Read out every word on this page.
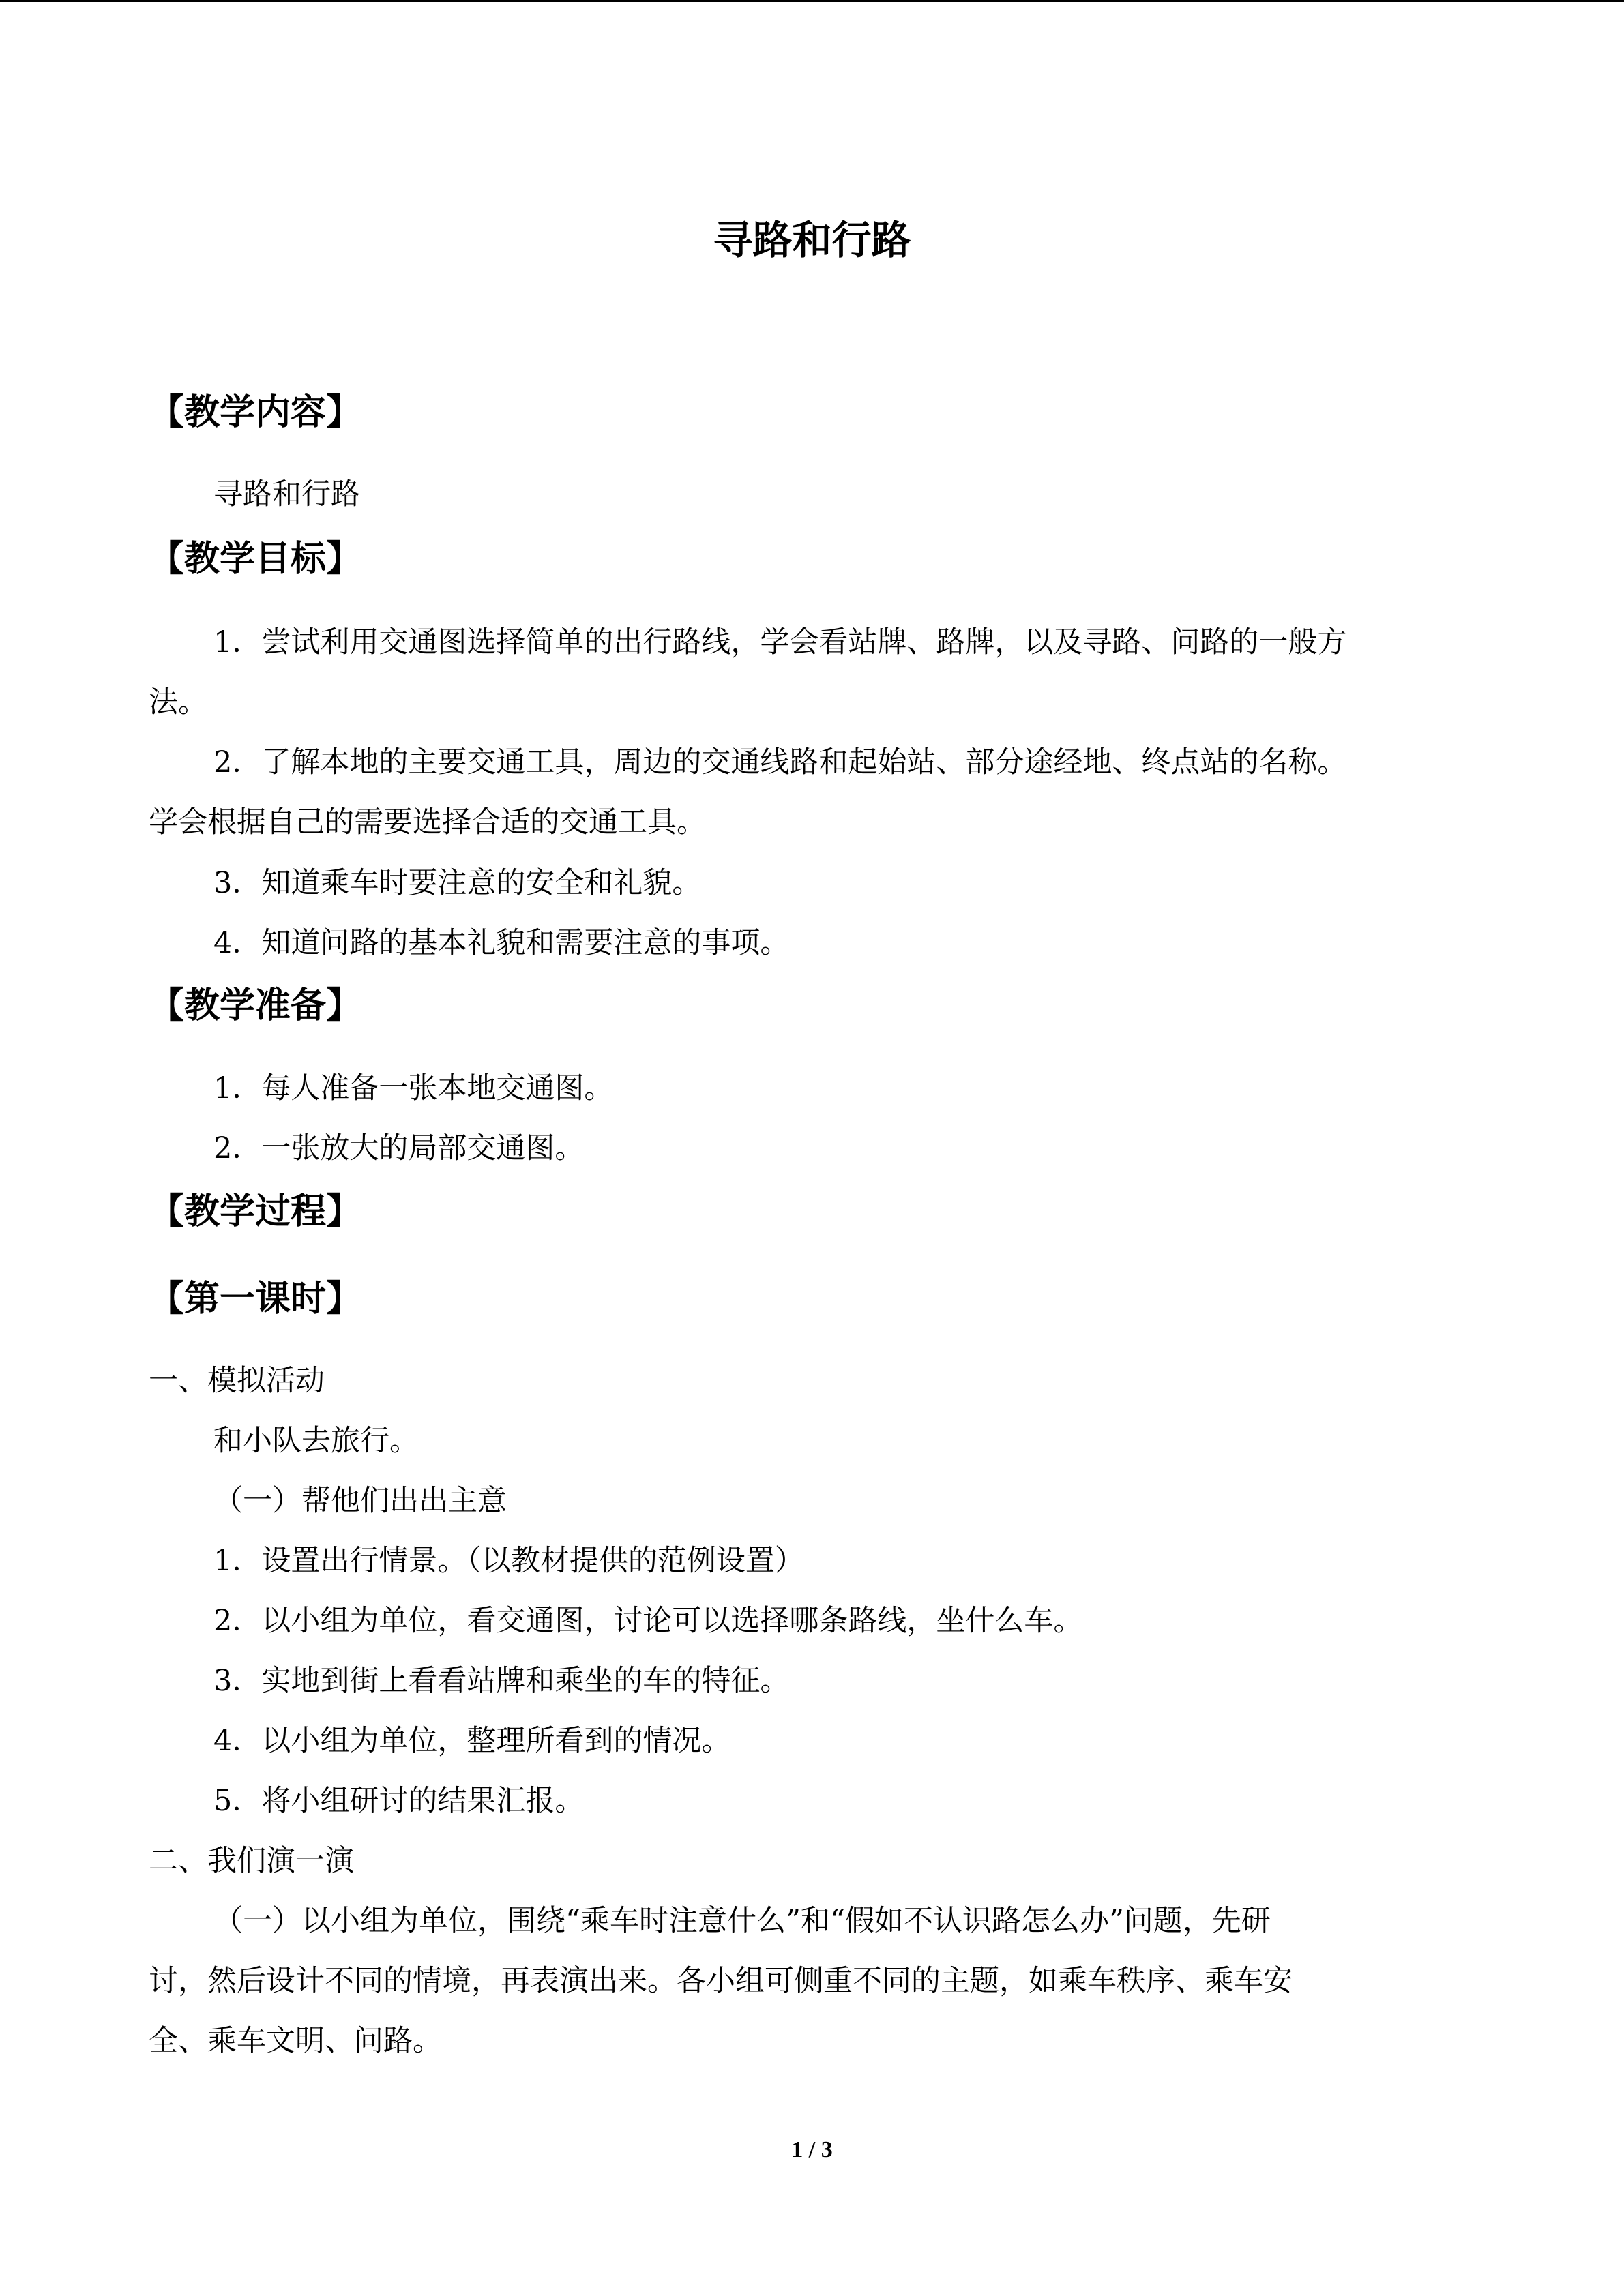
寻路和行路
【教学内容】
寻路和行路
【教学目标】
1．尝试利用交通图选择简单的出行路线，学会看站牌、路牌，以及寻路、问路的一般方
法。
2．了解本地的主要交通工具，周边的交通线路和起始站、部分途经地、终点站的名称。
学会根据自己的需要选择合适的交通工具。
3．知道乘车时要注意的安全和礼貌。
4．知道问路的基本礼貌和需要注意的事项。
【教学准备】
1．每人准备一张本地交通图。
2．一张放大的局部交通图。
【教学过程】
【第一课时】
一、模拟活动
和小队去旅行。
（一）帮他们出出主意
1．设置出行情景。（以教材提供的范例设置）
2．以小组为单位，看交通图，讨论可以选择哪条路线，坐什么车。
3．实地到街上看看站牌和乘坐的车的特征。
4．以小组为单位，整理所看到的情况。
5．将小组研讨的结果汇报。
二、我们演一演
（一）以小组为单位，围绕“乘车时注意什么”和“假如不认识路怎么办”问题，先研
讨，然后设计不同的情境，再表演出来。各小组可侧重不同的主题，如乘车秩序、乘车安
全、乘车文明、问路。
1 / 3
